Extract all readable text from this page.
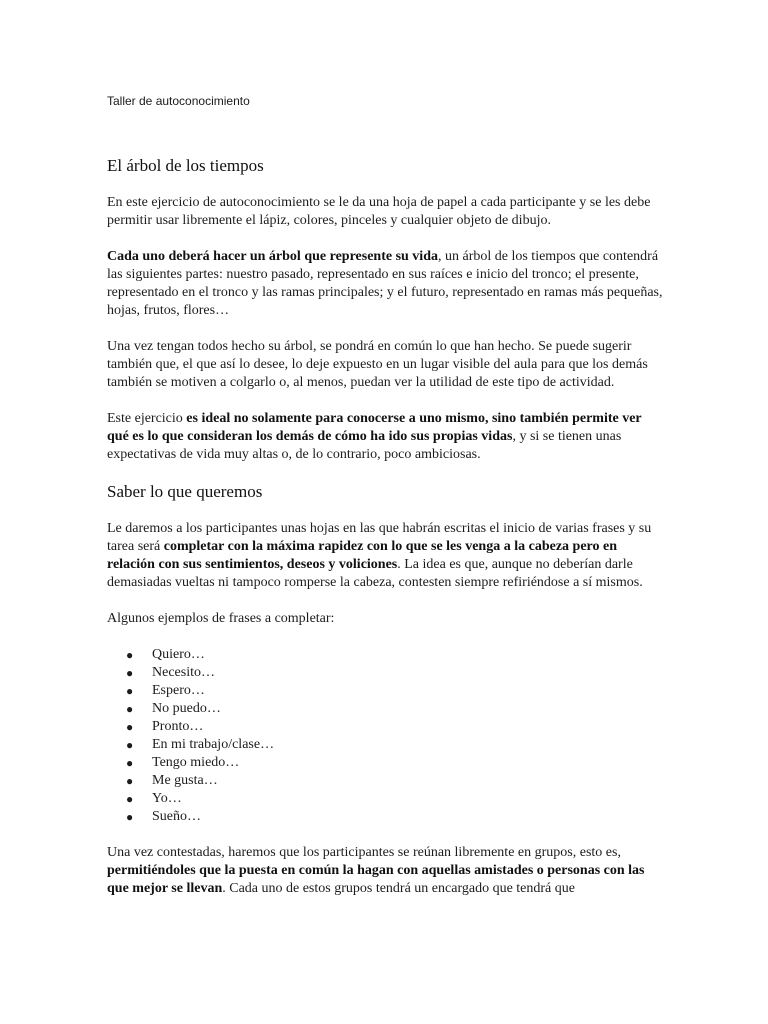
Taller de autoconocimiento
El árbol de los tiempos

En este ejercicio de autoconocimiento se le da una hoja de papel a cada participante y se les debe permitir usar libremente el lápiz, colores, pinceles y cualquier objeto de dibujo.

Cada uno deberá hacer un árbol que represente su vida, un árbol de los tiempos que contendrá las siguientes partes: nuestro pasado, representado en sus raíces e inicio del tronco; el presente, representado en el tronco y las ramas principales; y el futuro, representado en ramas más pequeñas, hojas, frutos, flores…

Una vez tengan todos hecho su árbol, se pondrá en común lo que han hecho. Se puede sugerir también que, el que así lo desee, lo deje expuesto en un lugar visible del aula para que los demás también se motiven a colgarlo o, al menos, puedan ver la utilidad de este tipo de actividad.

Este ejercicio es ideal no solamente para conocerse a uno mismo, sino también permite ver qué es lo que consideran los demás de cómo ha ido sus propias vidas, y si se tienen unas expectativas de vida muy altas o, de lo contrario, poco ambiciosas.

Saber lo que queremos

Le daremos a los participantes unas hojas en las que habrán escritas el inicio de varias frases y su tarea será completar con la máxima rapidez con lo que se les venga a la cabeza pero en relación con sus sentimientos, deseos y voliciones. La idea es que, aunque no deberían darle demasiadas vueltas ni tampoco romperse la cabeza, contesten siempre refiriéndose a sí mismos.

Algunos ejemplos de frases a completar:

● Quiero…
● Necesito…
● Espero…
● No puedo…
● Pronto…
● En mi trabajo/clase…
● Tengo miedo…
● Me gusta…
● Yo…
● Sueño…

Una vez contestadas, haremos que los participantes se reúnan libremente en grupos, esto es, permitiéndoles que la puesta en común la hagan con aquellas amistades o personas con las que mejor se llevan. Cada uno de estos grupos tendrá un encargado que tendrá que
